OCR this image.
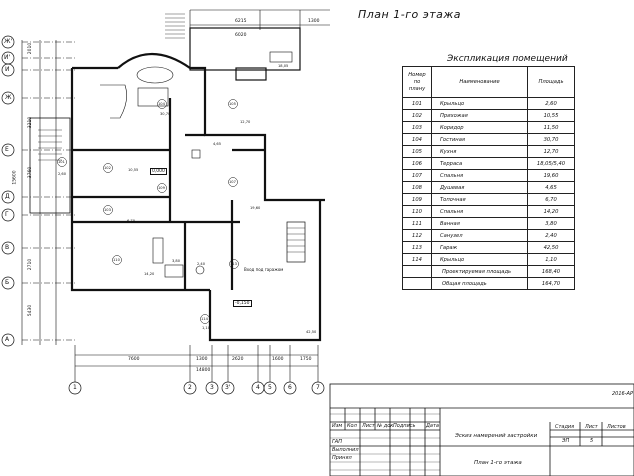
План 1-го этажа
Ж'
И'
И
Ж
Е
Д
Г
В
Б
А
1	2	3 3'	4 5	6	7
6215
6020
1300
7600	1300	2620	1600	1750
14800
15600
2010
3210
3760
2710
5430
101
102
103
104	105
107
110
113
109
114
2,60
10,55
30,70
12,70
18,05
19,60
4,65
14,20
3,80
2,40
42,50
1,10
6,70
0,000
-0,150
Вход под гаражом
Экспликация помещений
Номер по плану	Наименование	Площадь
101	Крыльцо	2,60
102	Прихожая	10,55
103	Коридор	11,50
104	Гостиная	30,70
105	Кухня	12,70
106	Терраса	18,05/5,40
107	Спальня	19,60
108	Душевая	4,65
109	Топочная	6,70
110	Спальня	14,20
111	Ванная	3,80
112	Санузел	2,40
113	Гараж	42,50
114	Крыльцо	1,10
	Проектируемая площадь	168,40
	Общая площадь	164,70
2016-АР
Изм Кол Лист № док Подпись Дата
ГАП
Выполнил
Принял
Эскиз намерений застройки
План 1-го этажа
Стадия Лист Листов
ЭП	5
